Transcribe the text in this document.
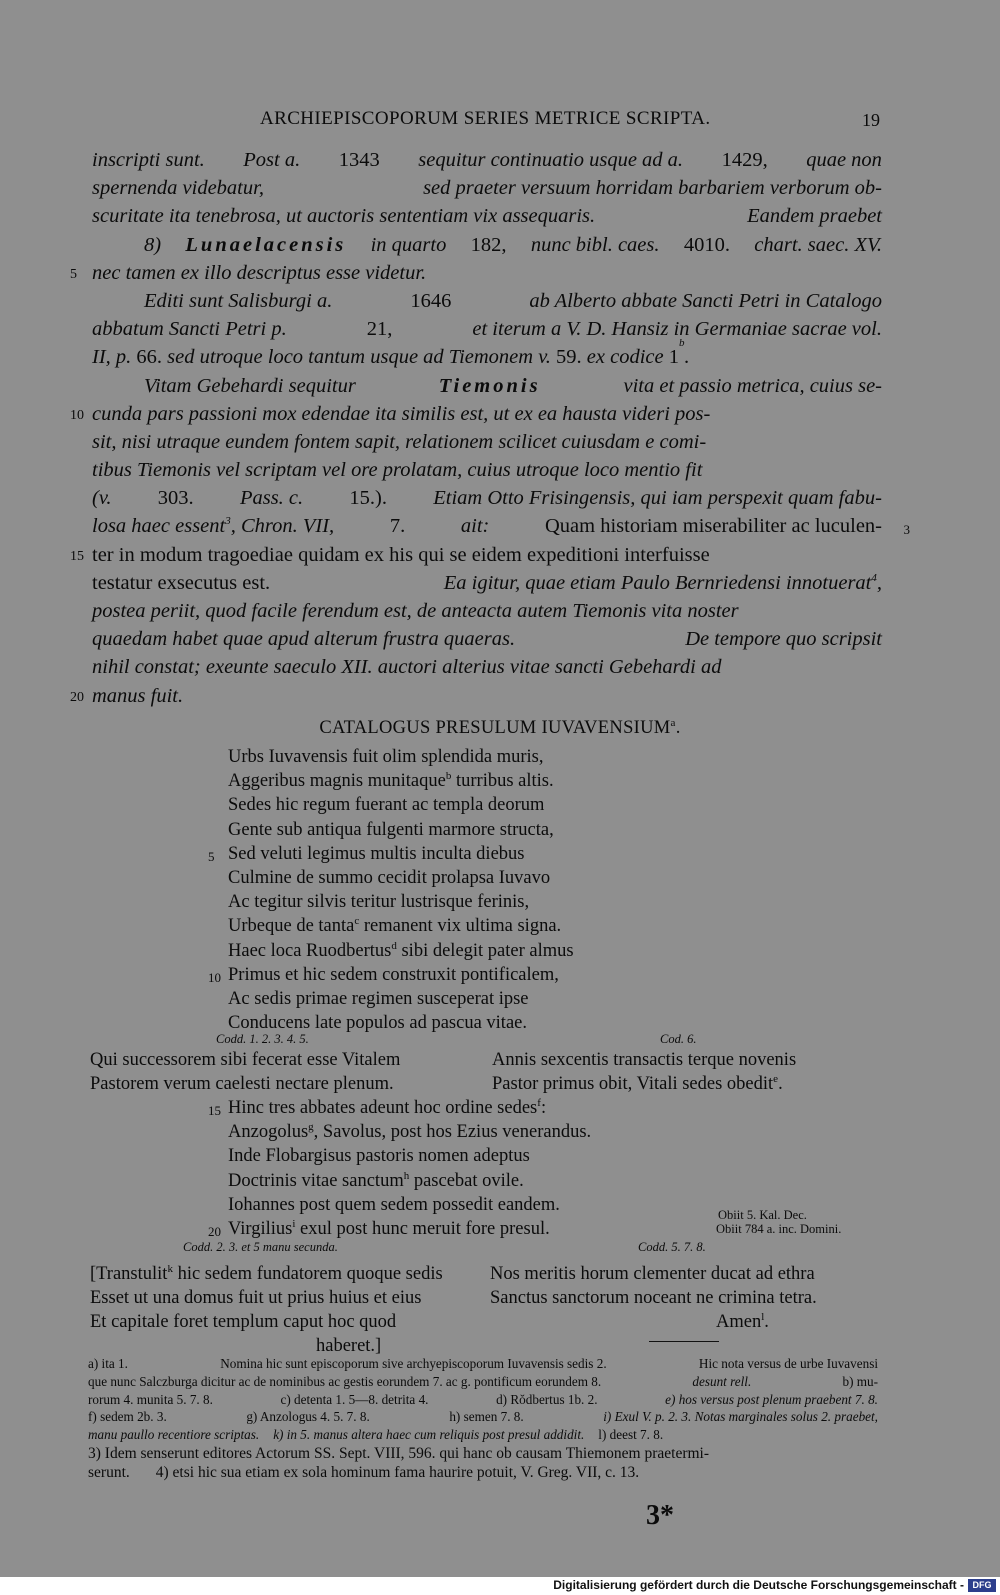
ARCHIEPISCOPORUM SERIES METRICE SCRIPTA.	19
inscripti sunt. Post a. 1343 sequitur continuatio usque ad a. 1429, quae non
spernenda videbatur,	sed praeter versuum horridam barbariem verborum ob-
scuritate ita tenebrosa, ut auctoris sententiam vix assequaris.	Eandem praebet
8) Lunaelacensis in quarto 182, nunc bibl. caes. 4010. chart. saec. XV.
5 nec tamen ex illo descriptus esse videtur.
Editi sunt Salisburgi a.	1646	ab Alberto abbate Sancti Petri in Catalogo
abbatum Sancti Petri p.	21,	et iterum a V. D. Hansiz in Germaniae sacrae vol.
II, p.
66.
sed utroque loco tantum usque ad Tiemonem v.
59.
ex codice
1
b
.
Vitam Gebehardi sequitur	Tiemonis	vita et passio metrica, cuius se-
10 cunda pars passioni mox edendae ita similis est, ut ex ea hausta videri pos-
sit, nisi utraque eundem fontem sapit, relationem scilicet cuiusdam e comi-
tibus Tiemonis vel scriptam vel ore prolatam, cuius utroque loco mentio fit
(v. 303. Pass. c. 15.). Etiam Otto Frisingensis, qui iam perspexit quam fabu-
losa haec essent$^3$, Chron. VII,	7.	ait:	Quam historiam miserabiliter ac luculen- 3
15 ter in modum tragoediae quidam ex his qui se eidem expeditioni interfuisse
testatur exsecutus est.	Ea igitur, quae etiam Paulo Bernriedensi innotuerat$^4$,
postea periit, quod facile ferendum est, de anteacta autem Tiemonis vita noster
quaedam habet quae apud alterum frustra quaeras.	De tempore quo scripsit
nihil constat; exeunte saeculo XII. auctori alterius vitae sancti Gebehardi ad
20 manus fuit.
CATALOGUS PRESULUM IUVAVENSIUM$^a$.
Urbs Iuvavensis fuit olim splendida muris,
Aggeribus magnis munitaque$^b$ turribus altis.
Sedes hic regum fuerant ac templa deorum
Gente sub antiqua fulgenti marmore structa,
5 Sed veluti legimus multis inculta diebus
Culmine de summo cecidit prolapsa Iuvavo
Ac tegitur silvis teritur lustrisque ferinis,
Urbeque de tanta$^c$ remanent vix ultima signa.
Haec loca Ruodbertus$^d$ sibi delegit pater almus
10 Primus et hic sedem construxit pontificalem,
Ac sedis primae regimen susceperat ipse
Conducens late populos ad pascua vitae.
Codd. 1. 2. 3. 4. 5.	Cod. 6.
Qui successorem sibi fecerat esse Vitalem
Pastorem verum caelesti nectare plenum.
Annis sexcentis transactis terque novenis
Pastor primus obit, Vitali sedes obedit$^e$.
15 Hinc tres abbates adeunt hoc ordine sedes$^f$:
Anzogolus$^g$, Savolus, post hos Ezius venerandus.
Inde Flobargisus pastoris nomen adeptus
Doctrinis vitae sanctum$^h$ pascebat ovile.
Iohannes post quem sedem possedit eandem.
20 Virgilius$^i$ exul post hunc meruit fore presul.
Obiit 5. Kal. Dec.
Obiit 784 a. inc. Domini.
Codd. 2. 3. et 5 manu secunda.	Codd. 5. 7. 8.
[Transtulit$^k$ hic sedem fundatorem quoque sedis
Esset ut una domus fuit ut prius huius et eius
Et capitale foret templum caput hoc quod
haberet.]
Nos meritis horum clementer ducat ad ethra
Sanctus sanctorum noceant ne crimina tetra.
Amen$^l$.
a) ita 1.	Nomina hic sunt episcoporum sive archyepiscoporum Iuvavensis sedis 2.	Hic nota versus de urbe Iuvavensi
que nunc Salczburga dicitur ac de nominibus ac gestis eorundem 7. ac g. pontificum eorundem 8.	desunt rell.	b) mu-
rorum 4. munita 5. 7. 8.	c) detenta 1. 5—8. detrita 4.	d) Rŏdbertus 1b. 2.	e) hos versus post plenum praebent 7. 8.
f) sedem 2b. 3.	g) Anzologus 4. 5. 7. 8.	h) semen 7. 8.	i) Exul V. p. 2. 3. Notas marginales solus 2. praebet,
manu paullo recentiore scriptas. k) in 5. manus altera haec cum reliquis post presul addidit. l) deest 7. 8.
3) Idem senserunt editores Actorum SS. Sept. VIII, 596. qui hanc ob causam Thiemonem praetermi-
serunt. 4) etsi hic sua etiam ex sola hominum fama haurire potuit, V. Greg. VII, c. 13.
3*
Digitalisierung gefördert durch die Deutsche Forschungsgemeinschaft - DFG
